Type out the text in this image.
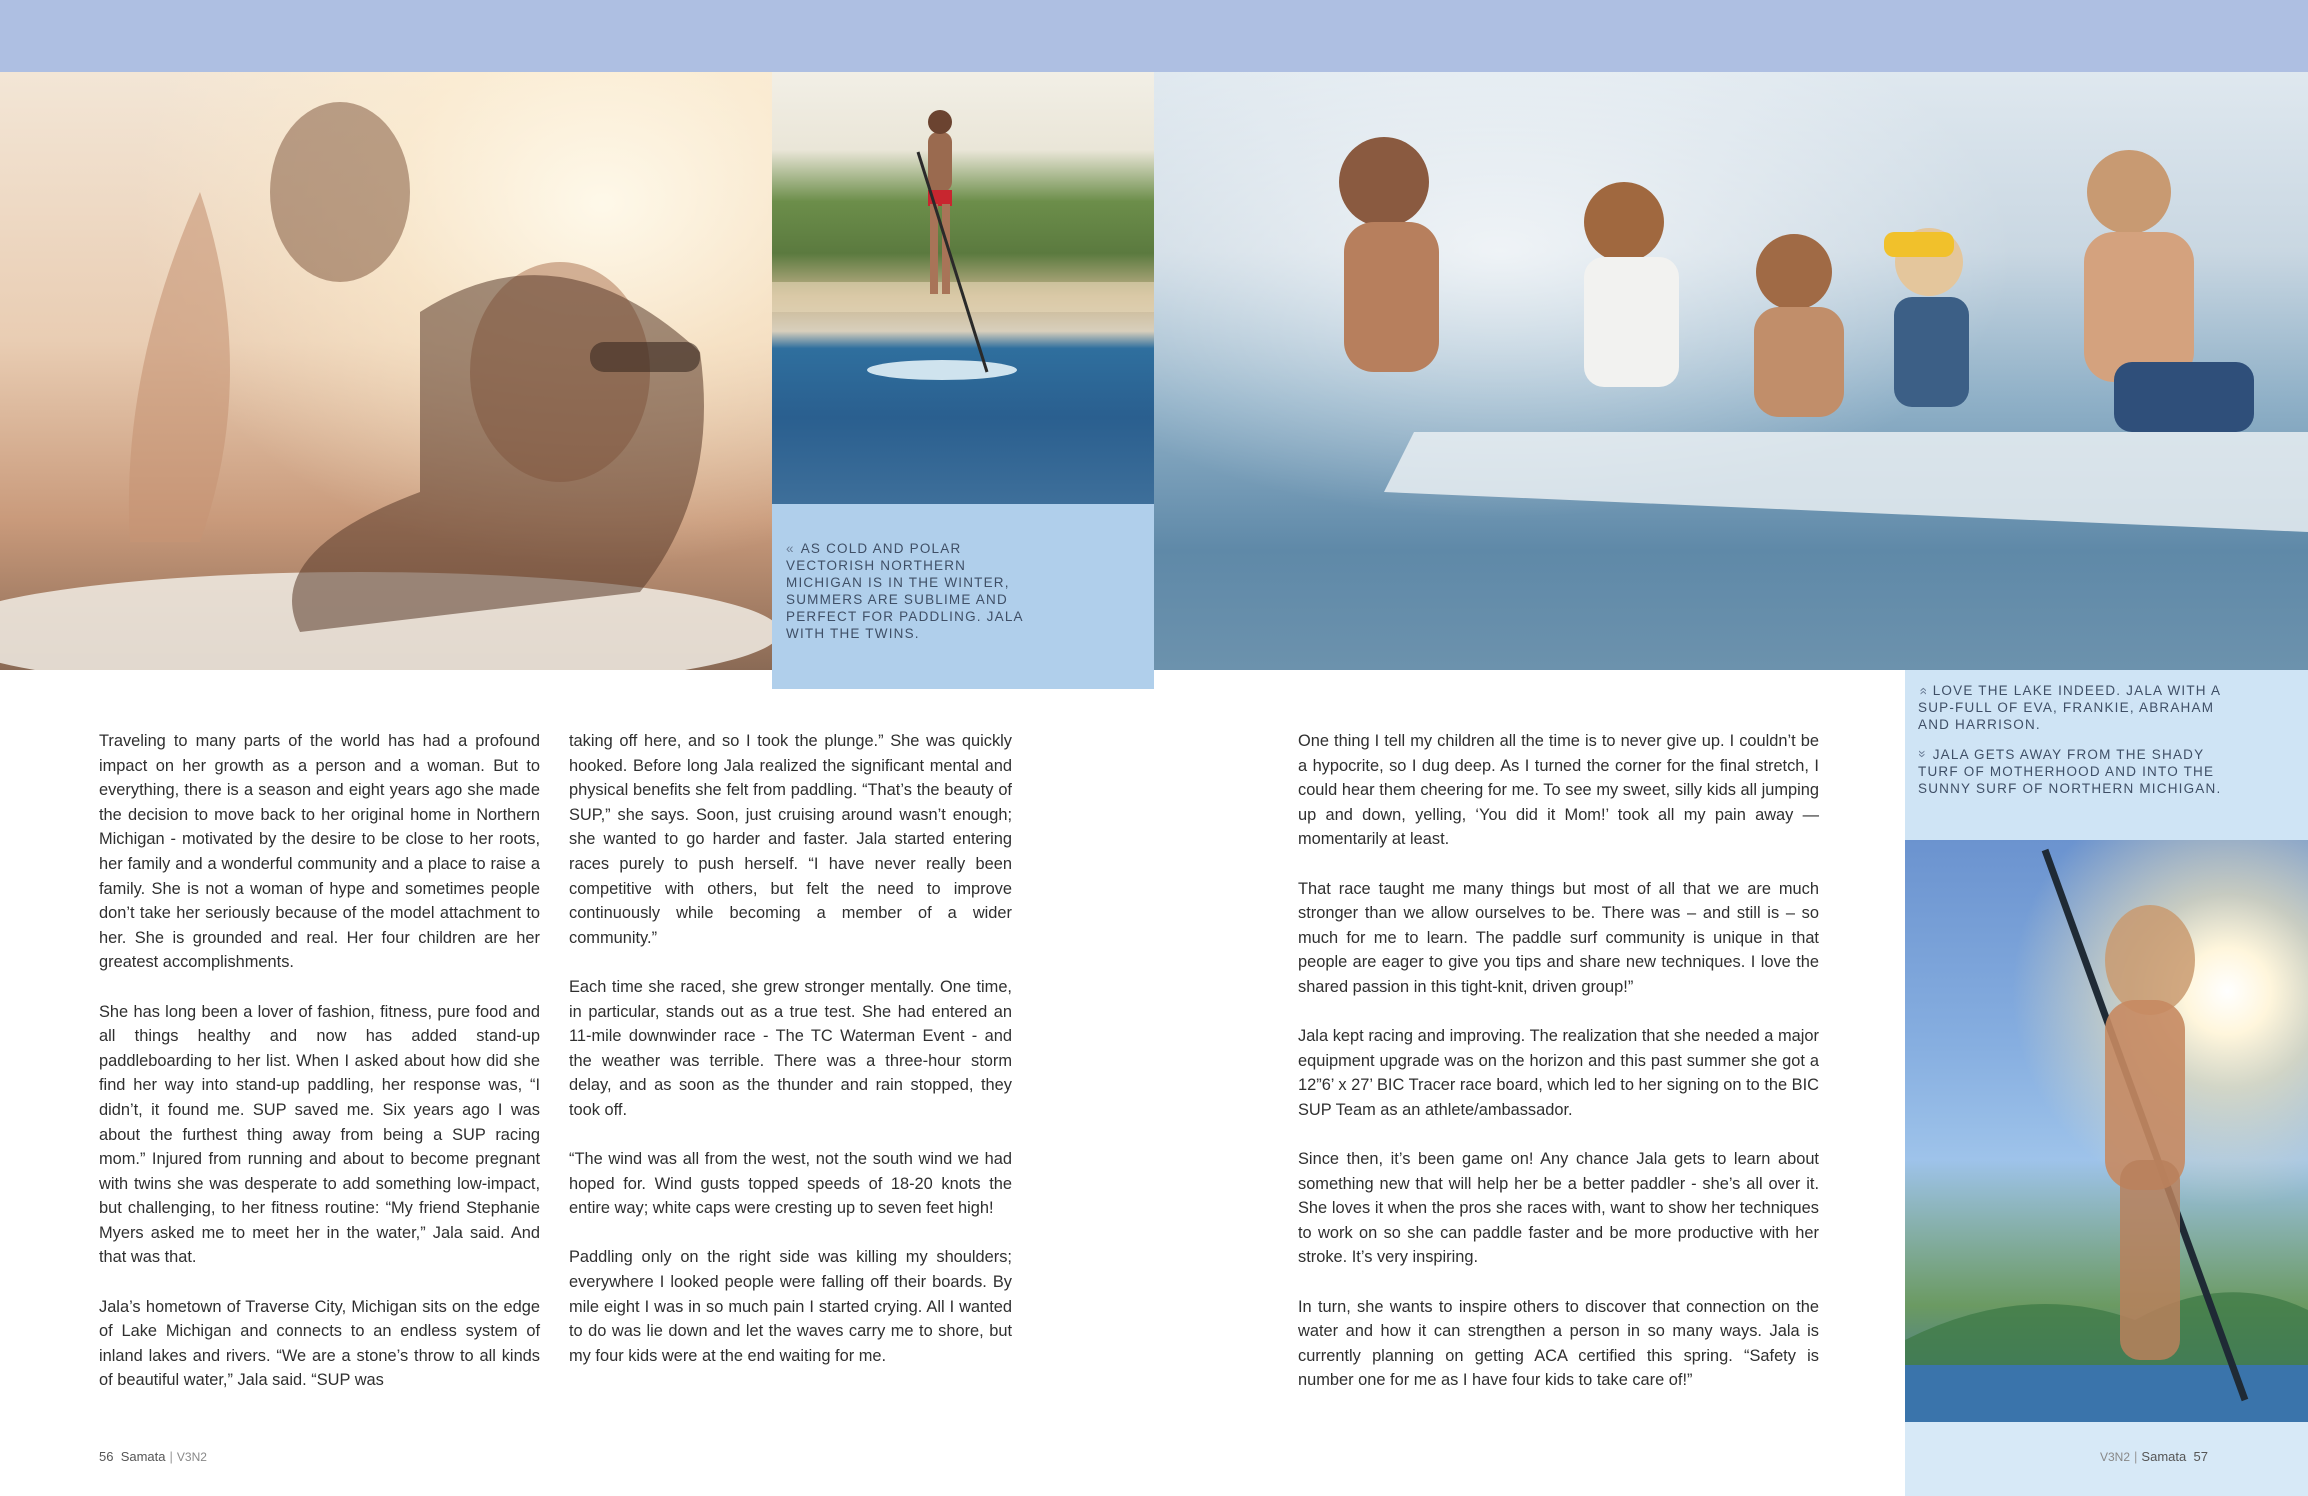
« AS COLD AND POLAR VECTORISH NORTHERN MICHIGAN IS IN THE WINTER, SUMMERS ARE SUBLIME AND PERFECT FOR PADDLING. JALA WITH THE TWINS.
» LOVE THE LAKE INDEED. JALA WITH A SUP-FULL OF EVA, FRANKIE, ABRAHAM AND HARRISON.
» JALA GETS AWAY FROM THE SHADY TURF OF MOTHERHOOD AND INTO THE SUNNY SURF OF NORTHERN MICHIGAN.

Traveling to many parts of the world has had a profound impact on her growth as a person and a woman. But to everything, there is a season and eight years ago she made the decision to move back to her original home in Northern Michigan - motivated by the desire to be close to her roots, her family and a wonderful community and a place to raise a family. She is not a woman of hype and sometimes people don’t take her seriously because of the model attachment to her. She is grounded and real. Her four children are her greatest accomplishments.

She has long been a lover of fashion, fitness, pure food and all things healthy and now has added stand-up paddleboarding to her list. When I asked about how did she find her way into stand-up paddling, her response was, “I didn’t, it found me. SUP saved me. Six years ago I was about the furthest thing away from being a SUP racing mom.” Injured from running and about to become pregnant with twins she was desperate to add something low-impact, but challenging, to her fitness routine: “My friend Stephanie Myers asked me to meet her in the water,” Jala said. And that was that.

Jala’s hometown of Traverse City, Michigan sits on the edge of Lake Michigan and connects to an endless system of inland lakes and rivers. “We are a stone’s throw to all kinds of beautiful water,” Jala said. “SUP was

taking off here, and so I took the plunge.” She was quickly hooked. Before long Jala realized the significant mental and physical benefits she felt from paddling. “That’s the beauty of SUP,” she says. Soon, just cruising around wasn’t enough; she wanted to go harder and faster. Jala started entering races purely to push herself. “I have never really been competitive with others, but felt the need to improve continuously while becoming a member of a wider community.”

Each time she raced, she grew stronger mentally. One time, in particular, stands out as a true test. She had entered an 11-mile downwinder race - The TC Waterman Event - and the weather was terrible. There was a three-hour storm delay, and as soon as the thunder and rain stopped, they took off.

“The wind was all from the west, not the south wind we had hoped for. Wind gusts topped speeds of 18-20 knots the entire way; white caps were cresting up to seven feet high!

Paddling only on the right side was killing my shoulders; everywhere I looked people were falling off their boards. By mile eight I was in so much pain I started crying. All I wanted to do was lie down and let the waves carry me to shore, but my four kids were at the end waiting for me.

One thing I tell my children all the time is to never give up. I couldn’t be a hypocrite, so I dug deep. As I turned the corner for the final stretch, I could hear them cheering for me. To see my sweet, silly kids all jumping up and down, yelling, ‘You did it Mom!’ took all my pain away — momentarily at least.

That race taught me many things but most of all that we are much stronger than we allow ourselves to be. There was – and still is – so much for me to learn. The paddle surf community is unique in that people are eager to give you tips and share new techniques. I love the shared passion in this tight-knit, driven group!”

Jala kept racing and improving. The realization that she needed a major equipment upgrade was on the horizon and this past summer she got a 12”6’ x 27’ BIC Tracer race board, which led to her signing on to the BIC SUP Team as an athlete/ambassador.

Since then, it’s been game on! Any chance Jala gets to learn about something new that will help her be a better paddler - she’s all over it. She loves it when the pros she races with, want to show her techniques to work on so she can paddle faster and be more productive with her stroke. It’s very inspiring.

In turn, she wants to inspire others to discover that connection on the water and how it can strengthen a person in so many ways. Jala is currently planning on getting ACA certified this spring. “Safety is number one for me as I have four kids to take care of!”

56 Samata | V3N2	V3N2 | Samata 57
